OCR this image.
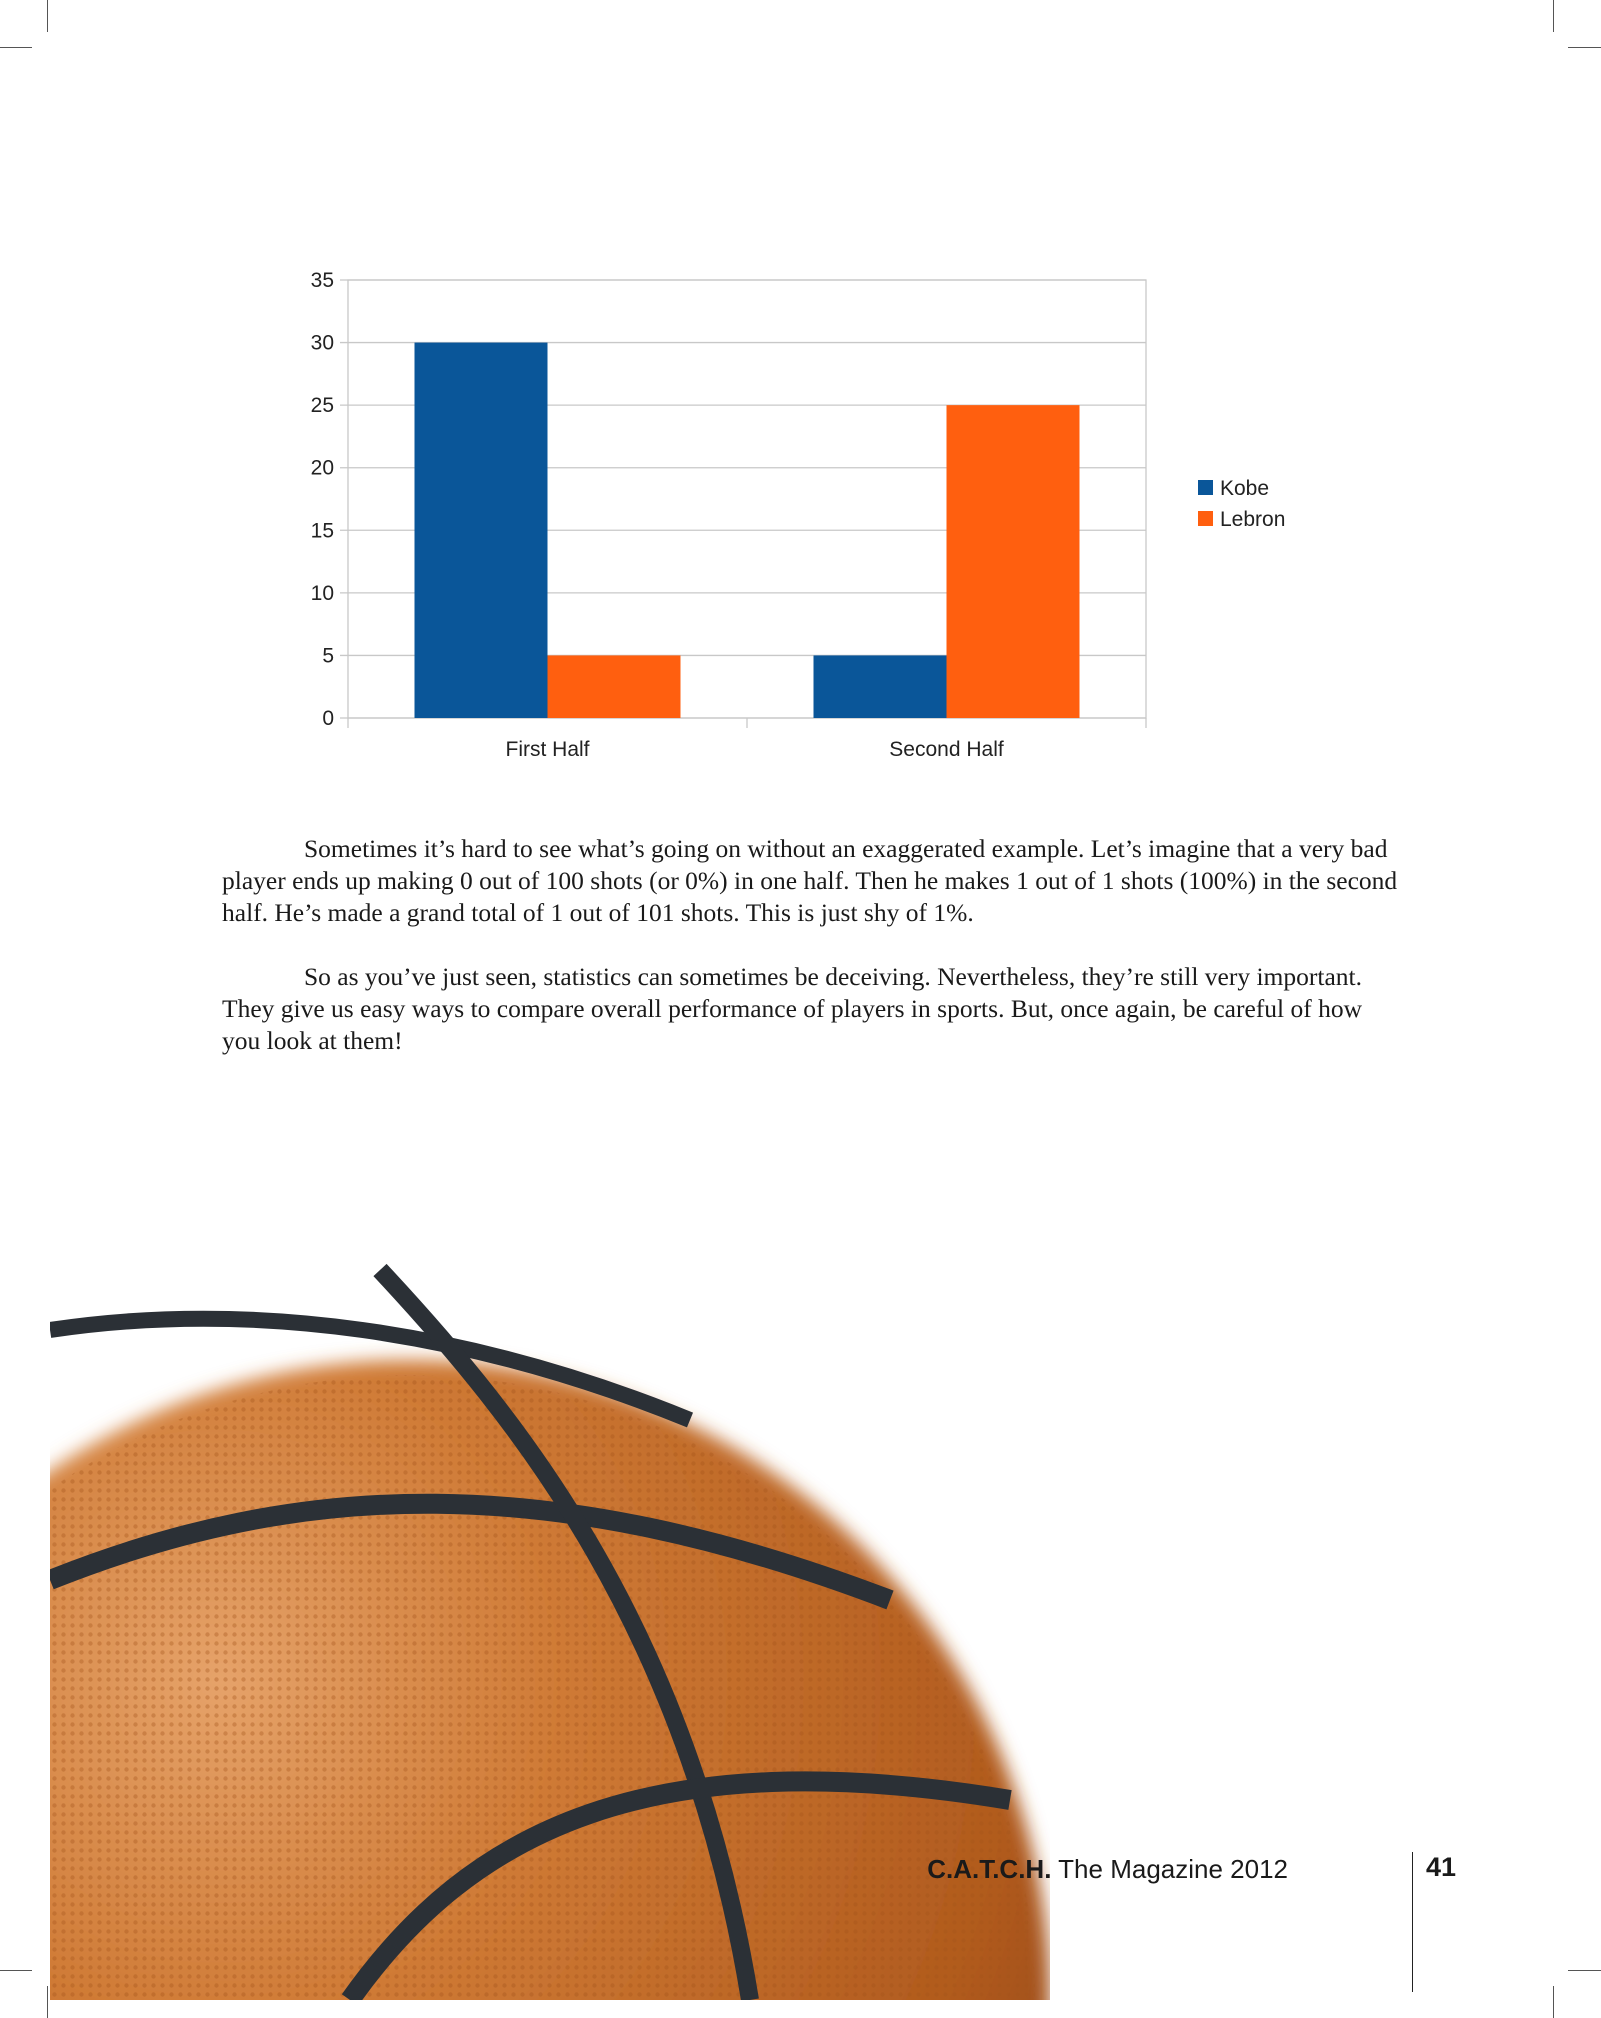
0
5
10
15
20
25
30
35
First Half	Second Half
Kobe
Lebron

Sometimes it’s hard to see what’s going on without an exaggerated example. Let’s imagine that a very bad player ends up making 0 out of 100 shots (or 0%) in one half. Then he makes 1 out of 1 shots (100%) in the second half. He’s made a grand total of 1 out of 101 shots. This is just shy of 1%.

So as you’ve just seen, statistics can sometimes be deceiving. Nevertheless, they’re still very important. They give us easy ways to compare overall performance of players in sports. But, once again, be careful of how you look at them!

C.A.T.C.H. The Magazine 2012	41
